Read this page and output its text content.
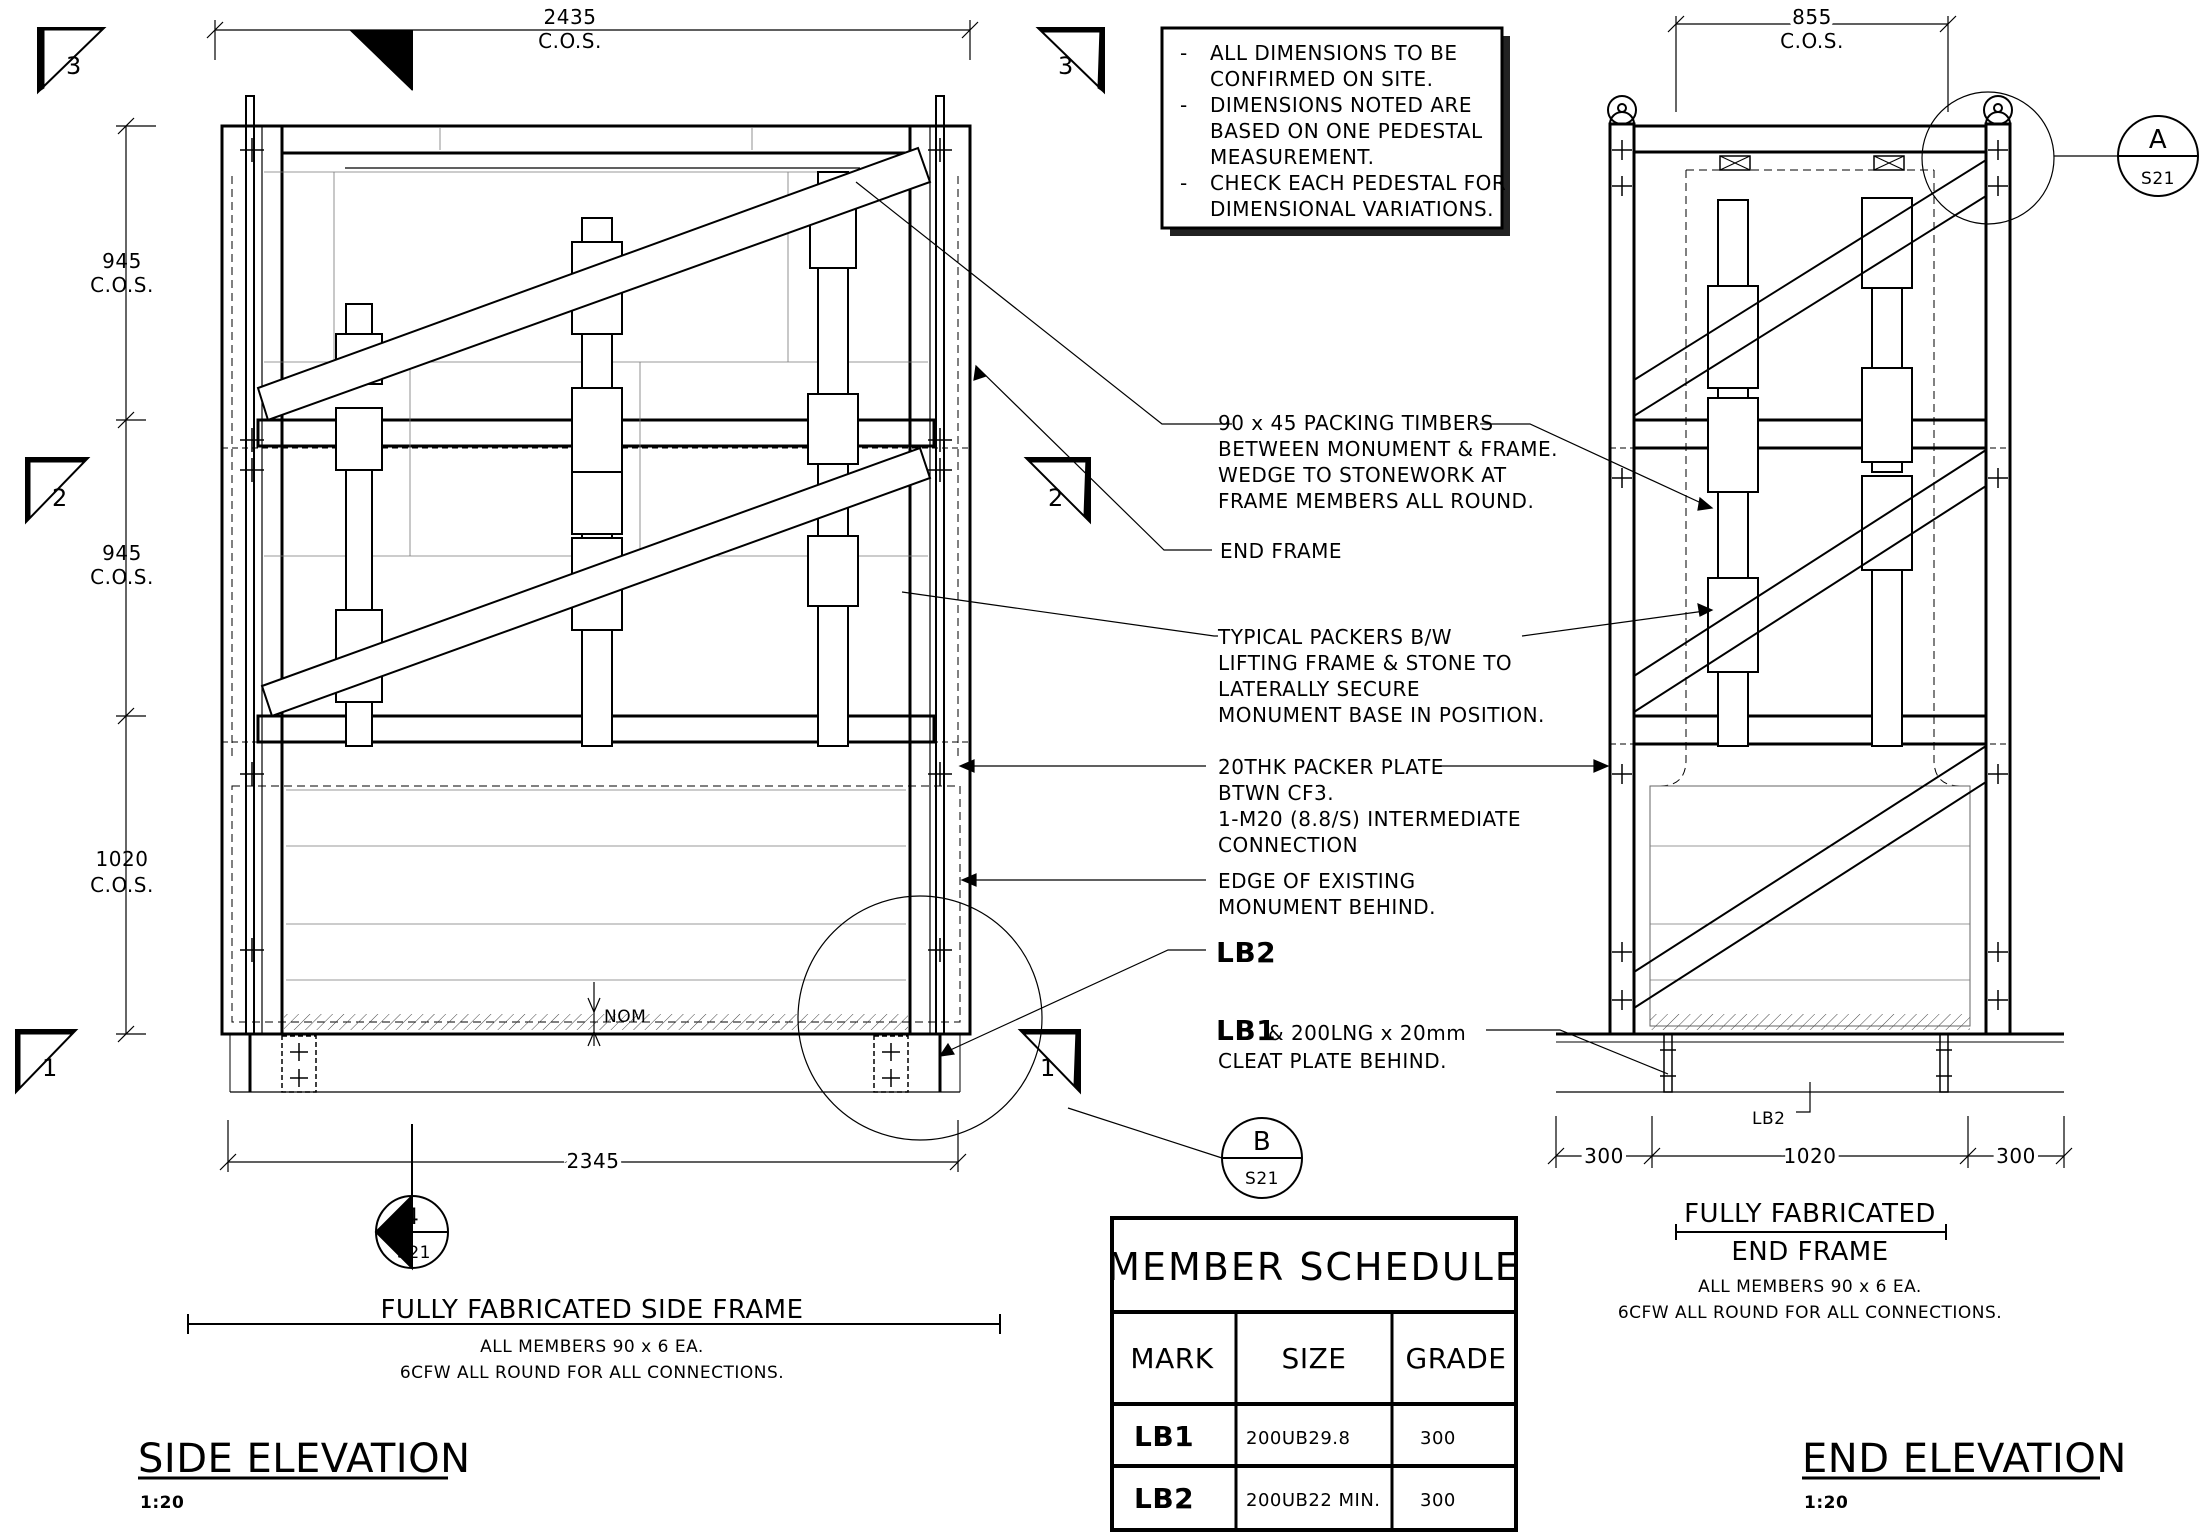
-
-
-
ALL DIMENSIONS TO BE
CONFIRMED ON SITE.
DIMENSIONS NOTED ARE
BASED ON ONE PEDESTAL
MEASUREMENT.
CHECK EACH PEDESTAL FOR
DIMENSIONAL VARIATIONS.
2435
C.O.S.
945
C.O.S.
945
C.O.S.
1020
C.O.S.
2345
NOM
3	3
2	2
1	1
4
S21
FULLY FABRICATED SIDE FRAME
ALL MEMBERS 90 x 6 EA.
6CFW ALL ROUND FOR ALL CONNECTIONS.
SIDE ELEVATION
1:20
B
S21
855
C.O.S.
300	1020	300
LB2
A
S21
FULLY FABRICATED
END FRAME
ALL MEMBERS 90 x 6 EA.
6CFW ALL ROUND FOR ALL CONNECTIONS.
END ELEVATION
1:20
90 x 45 PACKING TIMBERS
BETWEEN MONUMENT & FRAME.
WEDGE TO STONEWORK AT
FRAME MEMBERS ALL ROUND.
END FRAME
TYPICAL PACKERS B/W
LIFTING FRAME & STONE TO
LATERALLY SECURE
MONUMENT BASE IN POSITION.
20THK PACKER PLATE
BTWN CF3.
1-M20 (8.8/S) INTERMEDIATE
CONNECTION
EDGE OF EXISTING
MONUMENT BEHIND.
LB2
LB1
& 200LNG x 20mm
CLEAT PLATE BEHIND.
MEMBER SCHEDULE
MARK SIZE GRADE
LB1	200UB29.8	300
LB2	200UB22 MIN. 300
